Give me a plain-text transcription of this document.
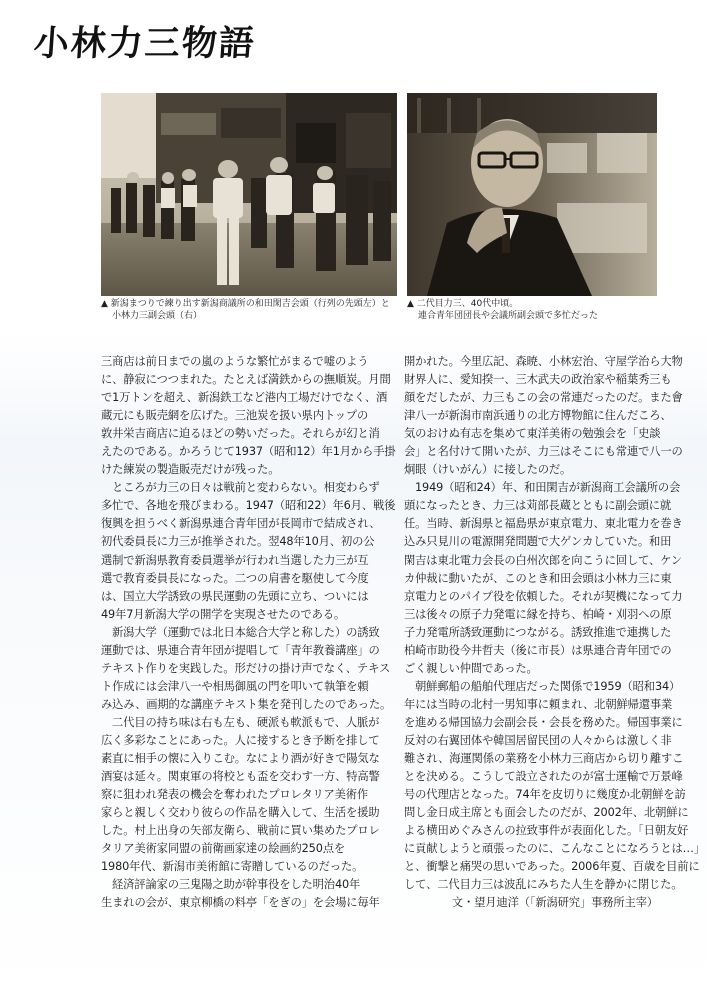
小林力三物語
▲ 新潟まつりで練り出す新潟商議所の和田閑吉会頭（行列の先頭左）と
小林力三副会頭（右）
▲ 二代目力三、40代中頃。
連合青年団団長や会議所副会頭で多忙だった
三商店は前日までの嵐のような繁忙がまるで嘘のよう
に、静寂につつまれた。たとえば満鉄からの撫順炭。月間
で1万トンを超え、新潟鉄工など港内工場だけでなく、酒
蔵元にも販売網を広げた。三池炭を扱い県内トップの
敦井栄吉商店に迫るほどの勢いだった。それらが幻と消
えたのである。かろうじて1937（昭和12）年1月から手掛
けた練炭の製造販売だけが残った。
ところが力三の日々は戦前と変わらない。相変わらず
多忙で、各地を飛びまわる。1947（昭和22）年6月、戦後
復興を担うべく新潟県連合青年団が長岡市で結成され、
初代委員長に力三が推挙された。翌48年10月、初の公
選制で新潟県教育委員選挙が行われ当選した力三が互
選で教育委員長になった。二つの肩書を駆使して今度
は、国立大学誘致の県民運動の先頭に立ち、ついには
49年7月新潟大学の開学を実現させたのである。
新潟大学（運動では北日本総合大学と称した）の誘致
運動では、県連合青年団が提唱して「青年教養講座」の
テキスト作りを実践した。形だけの掛け声でなく、テキス
ト作成には会津八一や相馬御風の門を叩いて執筆を頼
み込み、画期的な講座テキスト集を発刊したのであった。
二代目の持ち味は右も左も、硬派も軟派もで、人脈が
広く多彩なことにあった。人に接するとき予断を排して
素直に相手の懐に入りこむ。なにより酒が好きで陽気な
酒宴は延々。関東軍の将校とも盃を交わす一方、特高警
察に狙われ発表の機会を奪われたプロレタリア美術作
家らと親しく交わり彼らの作品を購入して、生活を援助
した。村上出身の矢部友衛ら、戦前に買い集めたプロレ
タリア美術家同盟の前衛画家達の絵画約250点を
1980年代、新潟市美術館に寄贈しているのだった。
経済評論家の三鬼陽之助が幹事役をした明治40年
生まれの会が、東京柳橋の料亭「をぎの」を会場に毎年
開かれた。今里広記、森暁、小林宏治、守屋学治ら大物
財界人に、愛知揆一、三木武夫の政治家や稲葉秀三も
顔をだしたが、力三もこの会の常連だったのだ。また會
津八一が新潟市南浜通りの北方博物館に住んだころ、
気のおけぬ有志を集めて東洋美術の勉強会を「史談
会」と名付けて開いたが、力三はそこにも常連で八一の
炯眼（けいがん）に接したのだ。
1949（昭和24）年、和田閑吉が新潟商工会議所の会
頭になったとき、力三は苅部長蔵とともに副会頭に就
任。当時、新潟県と福島県が東京電力、東北電力を巻き
込み只見川の電源開発問題で大ゲンカしていた。和田
閑吉は東北電力会長の白州次郎を向こうに回して、ケン
カ仲裁に動いたが、このとき和田会頭は小林力三に東
京電力とのパイプ役を依頼した。それが契機になって力
三は後々の原子力発電に縁を持ち、柏崎・刈羽への原
子力発電所誘致運動につながる。誘致推進で連携した
柏崎市助役今井哲夫（後に市長）は県連合青年団での
ごく親しい仲間であった。
朝鮮郵船の船舶代理店だった関係で1959（昭和34）
年には当時の北村一男知事に頼まれ、北朝鮮帰還事業
を進める帰国協力会副会長・会長を務めた。帰国事業に
反対の右翼団体や韓国居留民団の人々からは激しく非
難され、海運関係の業務を小林力三商店から切り離すこ
とを決める。こうして設立されたのが富士運輸で万景峰
号の代理店となった。74年を皮切りに幾度か北朝鮮を訪
問し金日成主席とも面会したのだが、2002年、北朝鮮に
よる横田めぐみさんの拉致事件が表面化した。「日朝友好
に貢献しようと頑張ったのに、こんなことになろうとは…」
と、衝撃と痛哭の思いであった。2006年夏、百歳を目前に
して、二代目力三は波乱にみちた人生を静かに閉じた。
文・望月迪洋（「新潟研究」事務所主宰）
